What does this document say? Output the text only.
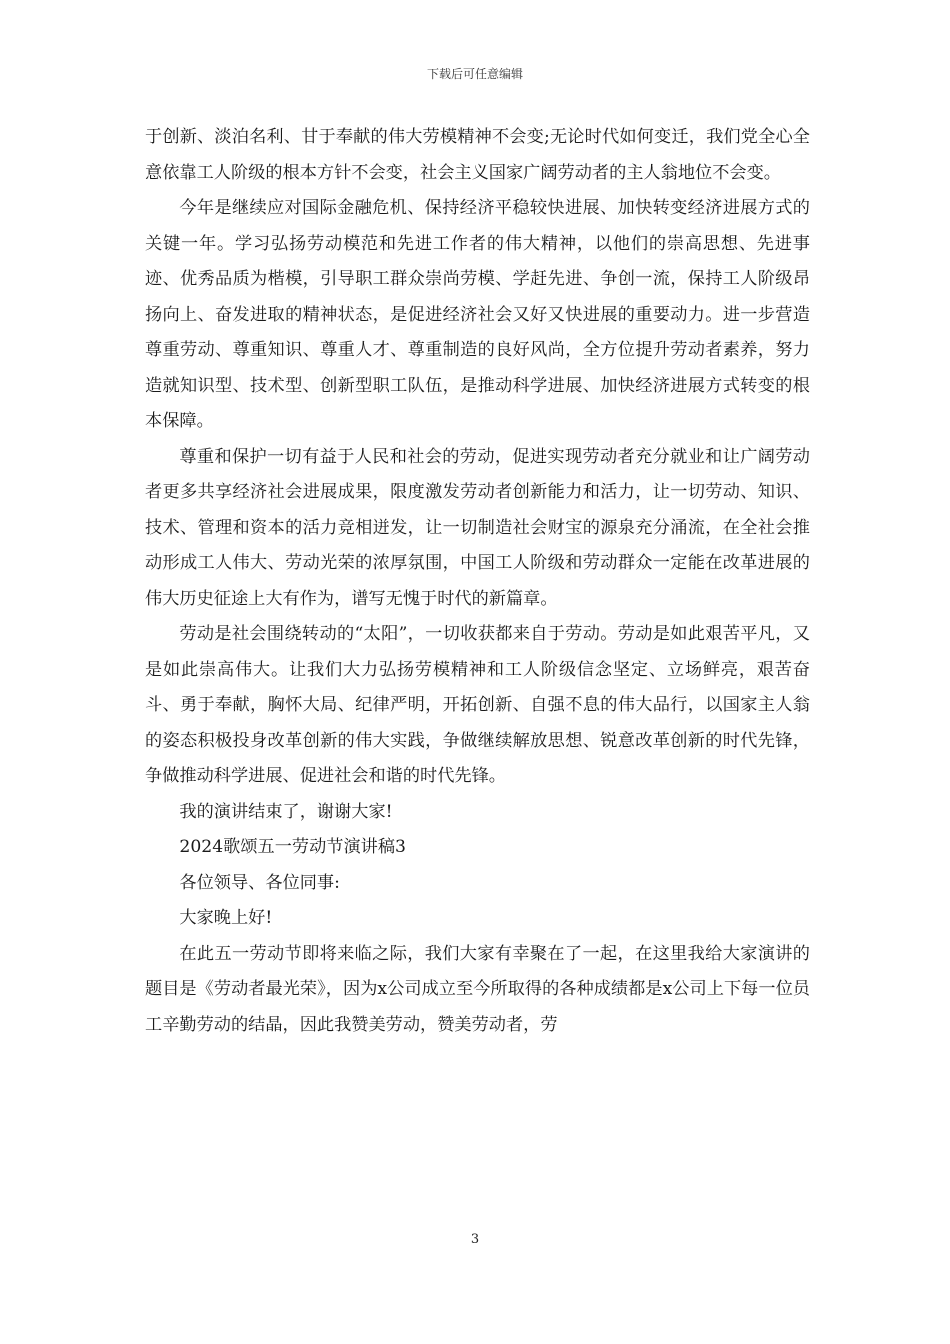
下载后可任意编辑

于创新、淡泊名利、甘于奉献的伟大劳模精神不会变;无论时代如何变迁，我们党全心全意依靠工人阶级的根本方针不会变，社会主义国家广阔劳动者的主人翁地位不会变。

今年是继续应对国际金融危机、保持经济平稳较快进展、加快转变经济进展方式的关键一年。学习弘扬劳动模范和先进工作者的伟大精神，以他们的崇高思想、先进事迹、优秀品质为楷模，引导职工群众崇尚劳模、学赶先进、争创一流，保持工人阶级昂扬向上、奋发进取的精神状态，是促进经济社会又好又快进展的重要动力。进一步营造尊重劳动、尊重知识、尊重人才、尊重制造的良好风尚，全方位提升劳动者素养，努力造就知识型、技术型、创新型职工队伍，是推动科学进展、加快经济进展方式转变的根本保障。

尊重和保护一切有益于人民和社会的劳动，促进实现劳动者充分就业和让广阔劳动者更多共享经济社会进展成果，限度激发劳动者创新能力和活力，让一切劳动、知识、技术、管理和资本的活力竞相迸发，让一切制造社会财宝的源泉充分涌流，在全社会推动形成工人伟大、劳动光荣的浓厚氛围，中国工人阶级和劳动群众一定能在改革进展的伟大历史征途上大有作为，谱写无愧于时代的新篇章。

劳动是社会围绕转动的“太阳”，一切收获都来自于劳动。劳动是如此艰苦平凡，又是如此崇高伟大。让我们大力弘扬劳模精神和工人阶级信念坚定、立场鲜亮，艰苦奋斗、勇于奉献，胸怀大局、纪律严明，开拓创新、自强不息的伟大品行，以国家主人翁的姿态积极投身改革创新的伟大实践，争做继续解放思想、锐意改革创新的时代先锋，争做推动科学进展、促进社会和谐的时代先锋。

我的演讲结束了，谢谢大家!

2024歌颂五一劳动节演讲稿3

各位领导、各位同事:

大家晚上好!

在此五一劳动节即将来临之际，我们大家有幸聚在了一起，在这里我给大家演讲的题目是《劳动者最光荣》，因为x公司成立至今所取得的各种成绩都是x公司上下每一位员工辛勤劳动的结晶，因此我赞美劳动，赞美劳动者，劳

3
